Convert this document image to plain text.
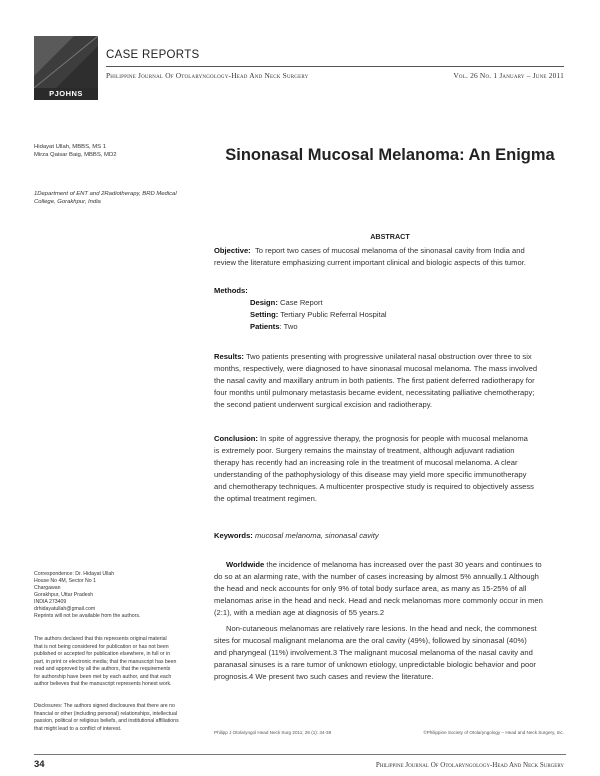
PJOHNS
CASE REPORTS
Philippine Journal Of Otolaryngology-Head And Neck Surgery	Vol. 26 No. 1 January – June 2011
Hidayat Ullah, MBBS, MS 1
Mirza Qaisar Baig, MBBS, MD2
1Department of ENT and 2Radiotherapy, BRD Medical
College, Gorakhpur, India
Sinonasal Mucosal Melanoma: An Enigma
ABSTRACT
Objective: To report two cases of mucosal melanoma of the sinonasal cavity from India and
review the literature emphasizing current important clinical and biologic aspects of this tumor.
Methods:
Design: Case Report
Setting: Tertiary Public Referral Hospital
Patients: Two
Results: Two patients presenting with progressive unilateral nasal obstruction over three to six
months, respectively, were diagnosed to have sinonasal mucosal melanoma. The mass involved
the nasal cavity and maxillary antrum in both patients. The first patient deferred radiotherapy for
four months until pulmonary metastasis became evident, necessitating palliative chemotherapy;
the second patient underwent surgical excision and radiotherapy.
Conclusion: In spite of aggressive therapy, the prognosis for people with mucosal melanoma
is extremely poor. Surgery remains the mainstay of treatment, although adjuvant radiation
therapy has recently had an increasing role in the treatment of mucosal melanoma. A clear
understanding of the pathophysiology of this disease may yield more specific immunotherapy
and chemotherapy techniques. A multicenter prospective study is required to objectively assess
the optimal treatment regimen.
Keywords: mucosal melanoma, sinonasal cavity
Worldwide the incidence of melanoma has increased over the past 30 years and continues to
do so at an alarming rate, with the number of cases increasing by almost 5% annually.1 Although
the head and neck accounts for only 9% of total body surface area, as many as 15-25% of all
melanomas arise in the head and neck. Head and neck melanomas more commonly occur in men
(2:1), with a median age at diagnosis of 55 years.2
Non-cutaneous melanomas are relatively rare lesions. In the head and neck, the commonest
sites for mucosal malignant melanoma are the oral cavity (49%), followed by sinonasal (40%)
and pharyngeal (11%) involvement.3 The malignant mucosal melanoma of the nasal cavity and
paranasal sinuses is a rare tumor of unknown etiology, unpredictable biologic behavior and poor
prognosis.4 We present two such cases and review the literature.
Correspondence: Dr. Hidayat Ullah
House No 4M, Sector No 1
Chargawan
Gorakhpur, Uttar Pradesh
INDIA 273409
drhidayatullah@gmail.com
Reprints will not be available from the authors.
The authors declared that this represents original material
that is not being considered for publication or has not been
published or accepted for publication elsewhere, in full or in
part, in print or electronic media; that the manuscript has been
read and approved by all the authors, that the requirements
for authorship have been met by each author, and that each
author believes that the manuscript represents honest work.
Disclosures: The authors signed disclosures that there are no
financial or other (including personal) relationships, intellectual
passion, political or religious beliefs, and institutional affiliations
that might lead to a conflict of interest.
Philipp J Otolaryngol Head Neck Surg 2011; 26 (1): 34-38	©Philippine Society of Otolaryngology – Head and Neck Surgery, Inc.
34	Philippine Journal Of Otolaryngology-Head And Neck Surgery
